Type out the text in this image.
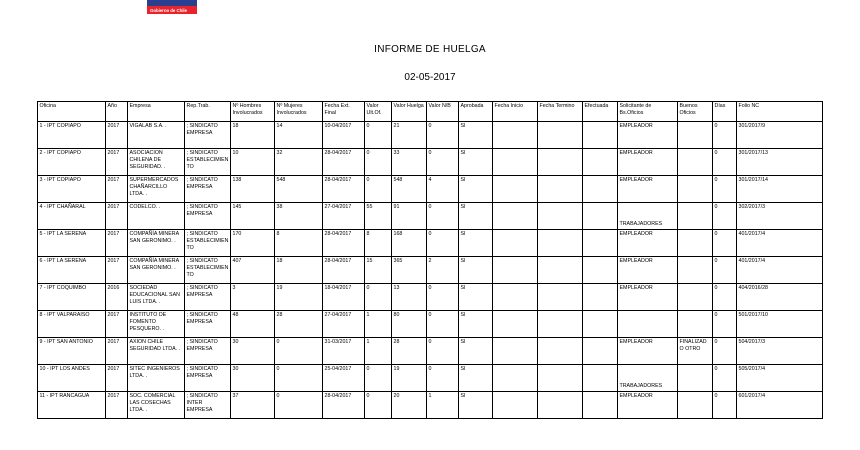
Gobierno de Chile
INFORME DE HUELGA
02-05-2017
Oficina	Año	Empresa	Rep.Trab.	Nº Hombres Involucrados	Nº Mujeres Involucrados	Fecha Ext. Final	Valor Ult.Of.	Valor Huelga	Valor N/B	Aprobada	Fecha Inicio	Fecha Termino	Efectuada	Solicitante de Bs.Oficios	Buenos Oficios	Días	Folio NC
1 - IPT COPIAPO	2017	VIGALAB S.A. .	; SINDICATO EMPRESA	18	14	10-04/2017	0	21	0	SI				EMPLEADOR		0	301/2017/9
2 - IPT COPIAPO	2017	ASOCIACION CHILENA DE SEGURIDAD. .	; SINDICATO ESTABLECIMIENTO	10	32	28-04/2017	0	33	0	SI				EMPLEADOR		0	301/2017/13
3 - IPT COPIAPO	2017	SUPERMERCADOS CHAÑARCILLO LTDA. .	; SINDICATO EMPRESA	138	548	28-04/2017	0	548	4	SI				EMPLEADOR		0	301/2017/14
4 - IPT CHAÑARAL	2017	CODELCO. .	; SINDICATO EMPRESA	145	38	27-04/2017	55	91	0	SI				TRABAJADORES		0	302/2017/3
5 - IPT LA SERENA	2017	COMPAÑÍA MINERA SAN GERONIMO. .	; SINDICATO ESTABLECIMIENTO	170	8	28-04/2017	8	168	0	SI				EMPLEADOR		0	401/2017/4
6 - IPT LA SERENA	2017	COMPAÑÍA MINERA SAN GERONIMO. .	; SINDICATO ESTABLECIMIENTO	407	18	28-04/2017	15	365	2	SI				EMPLEADOR		0	401/2017/4
7 - IPT COQUIMBO	2016	SOCIEDAD EDUCACIONAL SAN LUIS LTDA. .	; SINDICATO EMPRESA	3	19	18-04/2017	0	13	0	SI				EMPLEADOR		0	404/2016/28
8 - IPT VALPARAISO	2017	INSTITUTO DE FOMENTO PESQUERO. .	; SINDICATO EMPRESA	48	28	27-04/2017	1	80	0	SI						0	501/2017/10
9 - IPT SAN ANTONIO	2017	AXION CHILE SEGURIDAD LTDA. .	; SINDICATO EMPRESA	30	0	31-03/2017	1	28	0	SI				EMPLEADOR	FINALIZADO OTRO	0	504/2017/3
10 - IPT LOS ANDES	2017	SITEC INGENIEROS LTDA. .	; SINDICATO EMPRESA	30	0	25-04/2017	0	19	0	SI				TRABAJADORES		0	505/2017/4
11 - IPT RANCAGUA	2017	SOC. COMERCIAL LAS COSECHAS LTDA. .	; SINDICATO INTER EMPRESA	37	0	28-04/2017	0	20	1	SI				EMPLEADOR		0	601/2017/4
